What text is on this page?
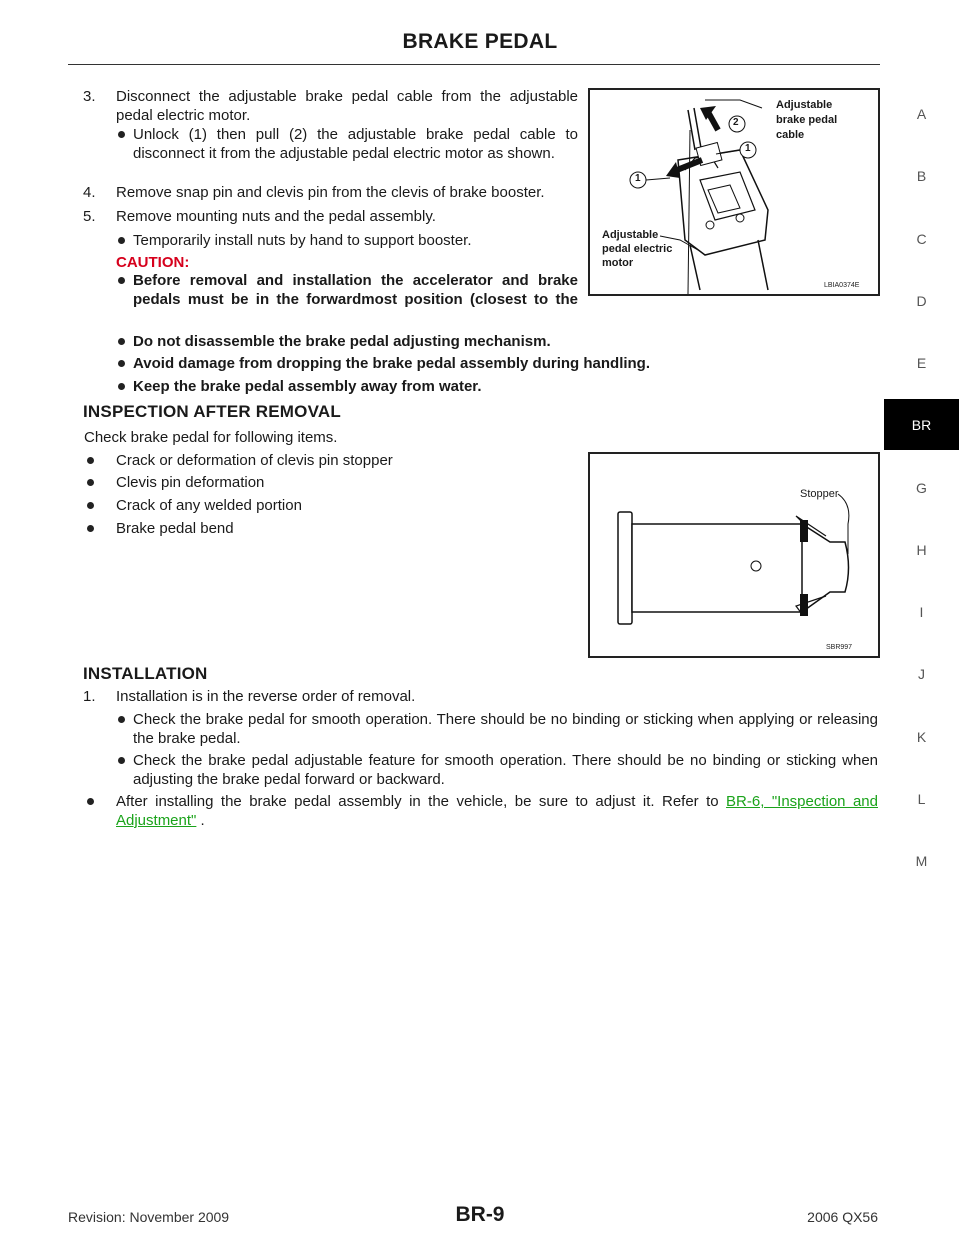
BRAKE PEDAL
3. Disconnect the adjustable brake pedal cable from the adjustable pedal electric motor.
Unlock (1) then pull (2) the adjustable brake pedal cable to disconnect it from the adjustable pedal electric motor as shown.
4. Remove snap pin and clevis pin from the clevis of brake booster.
5. Remove mounting nuts and the pedal assembly.
Temporarily install nuts by hand to support booster.
CAUTION:
Before removal and installation the accelerator and brake pedals must be in the forwardmost position (closest to the
Do not disassemble the brake pedal adjusting mechanism.
Avoid damage from dropping the brake pedal assembly during handling.
Keep the brake pedal assembly away from water.
2
1
1
Adjustable
brake pedal
cable
Adjustable
pedal electric
motor
LBIA0374E
INSPECTION AFTER REMOVAL
Check brake pedal for following items.
Crack or deformation of clevis pin stopper
Clevis pin deformation
Crack of any welded portion
Brake pedal bend
Stopper
SBR997
INSTALLATION
1. Installation is in the reverse order of removal.
Check the brake pedal for smooth operation. There should be no binding or sticking when applying or releasing the brake pedal.
Check the brake pedal adjustable feature for smooth operation. There should be no binding or sticking when adjusting the brake pedal forward or backward.
After installing the brake pedal assembly in the vehicle, be sure to adjust it. Refer to BR-6, "Inspection and Adjustment" .
A
B
C
D
E
BR
G
H
I
J
K
L
M
Revision: November 2009	BR-9	2006 QX56
